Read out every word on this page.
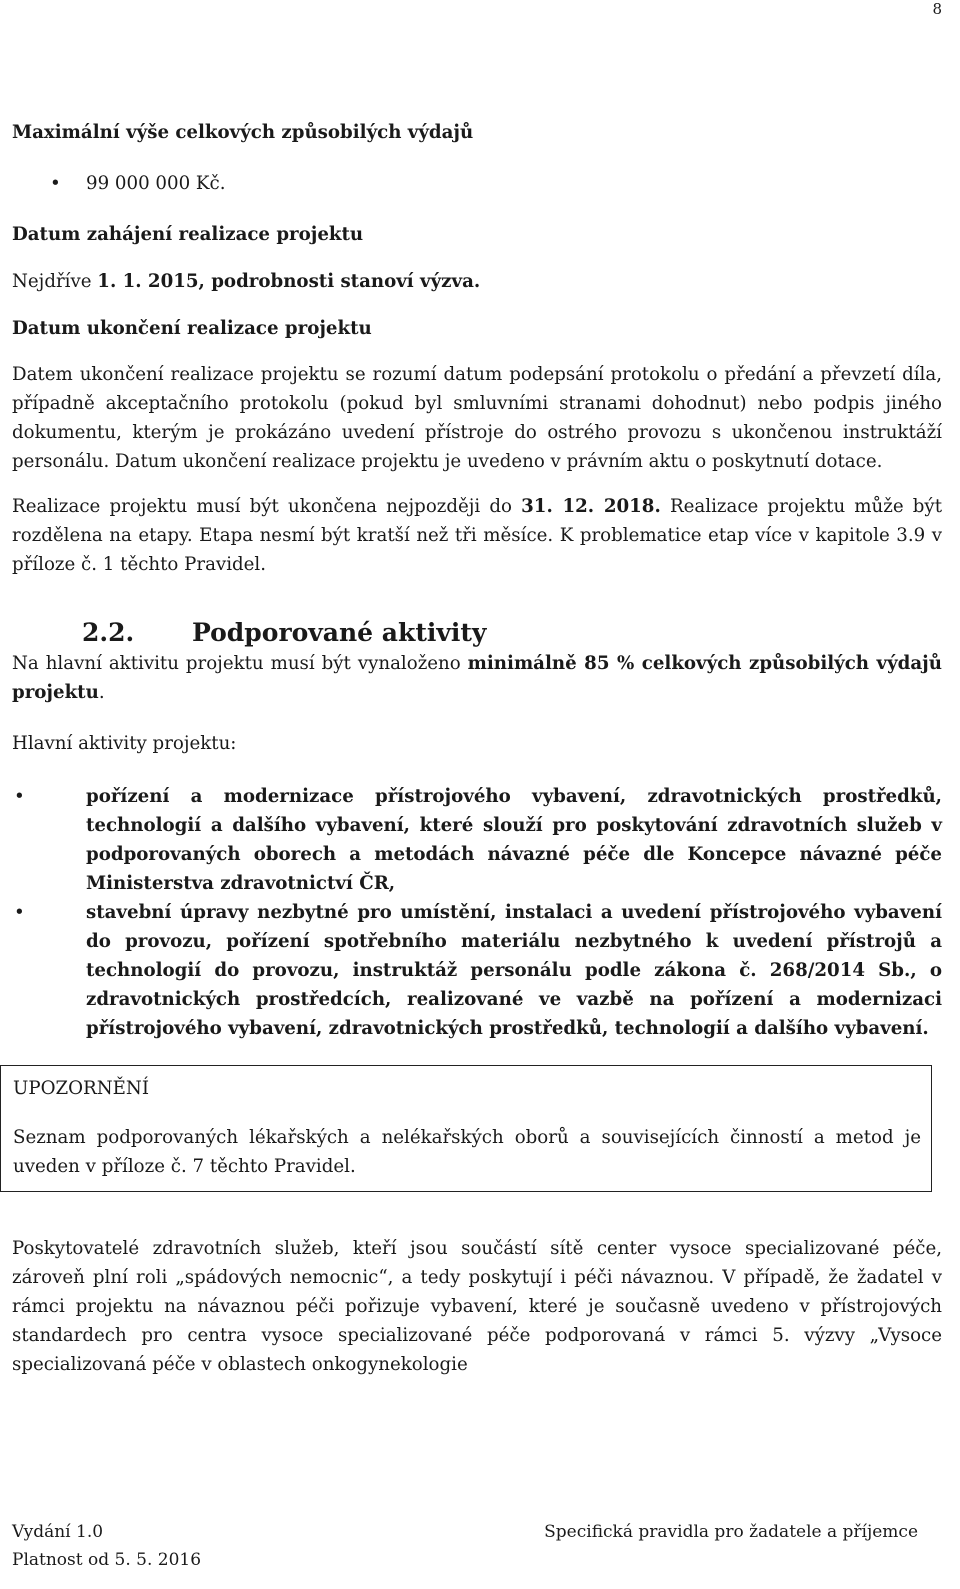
8

Maximální výše celkových způsobilých výdajů

• 99 000 000 Kč.

Datum zahájení realizace projektu

Nejdříve 1. 1. 2015, podrobnosti stanoví výzva.

Datum ukončení realizace projektu

Datem ukončení realizace projektu se rozumí datum podepsání protokolu o předání a převzetí díla, případně akceptačního protokolu (pokud byl smluvními stranami dohodnut) nebo podpis jiného dokumentu, kterým je prokázáno uvedení přístroje do ostrého provozu s ukončenou instruktáží personálu. Datum ukončení realizace projektu je uvedeno v právním aktu o poskytnutí dotace.

Realizace projektu musí být ukončena nejpozději do 31. 12. 2018. Realizace projektu může být rozdělena na etapy. Etapa nesmí být kratší než tři měsíce. K problematice etap více v kapitole 3.9 v příloze č. 1 těchto Pravidel.

2.2.	Podporované aktivity

Na hlavní aktivitu projektu musí být vynaloženo minimálně 85 % celkových způsobilých výdajů projektu.

Hlavní aktivity projektu:

• pořízení a modernizace přístrojového vybavení, zdravotnických prostředků, technologií a dalšího vybavení, které slouží pro poskytování zdravotních služeb v podporovaných oborech a metodách návazné péče dle Koncepce návazné péče Ministerstva zdravotnictví ČR,
• stavební úpravy nezbytné pro umístění, instalaci a uvedení přístrojového vybavení do provozu, pořízení spotřebního materiálu nezbytného k uvedení přístrojů a technologií do provozu, instruktáž personálu podle zákona č. 268/2014 Sb., o zdravotnických prostředcích, realizované ve vazbě na pořízení a modernizaci přístrojového vybavení, zdravotnických prostředků, technologií a dalšího vybavení.

UPOZORNĚNÍ

Seznam podporovaných lékařských a nelékařských oborů a souvisejících činností a metod je uveden v příloze č. 7 těchto Pravidel.

Poskytovatelé zdravotních služeb, kteří jsou součástí sítě center vysoce specializované péče, zároveň plní roli „spádových nemocnic“, a tedy poskytují i péči návaznou. V případě, že žadatel v rámci projektu na návaznou péči pořizuje vybavení, které je současně uvedeno v přístrojových standardech pro centra vysoce specializované péče podporovaná v rámci 5. výzvy „Vysoce specializovaná péče v oblastech onkogynekologie

Vydání 1.0
Platnost od 5. 5. 2016
Specifická pravidla pro žadatele a příjemce
